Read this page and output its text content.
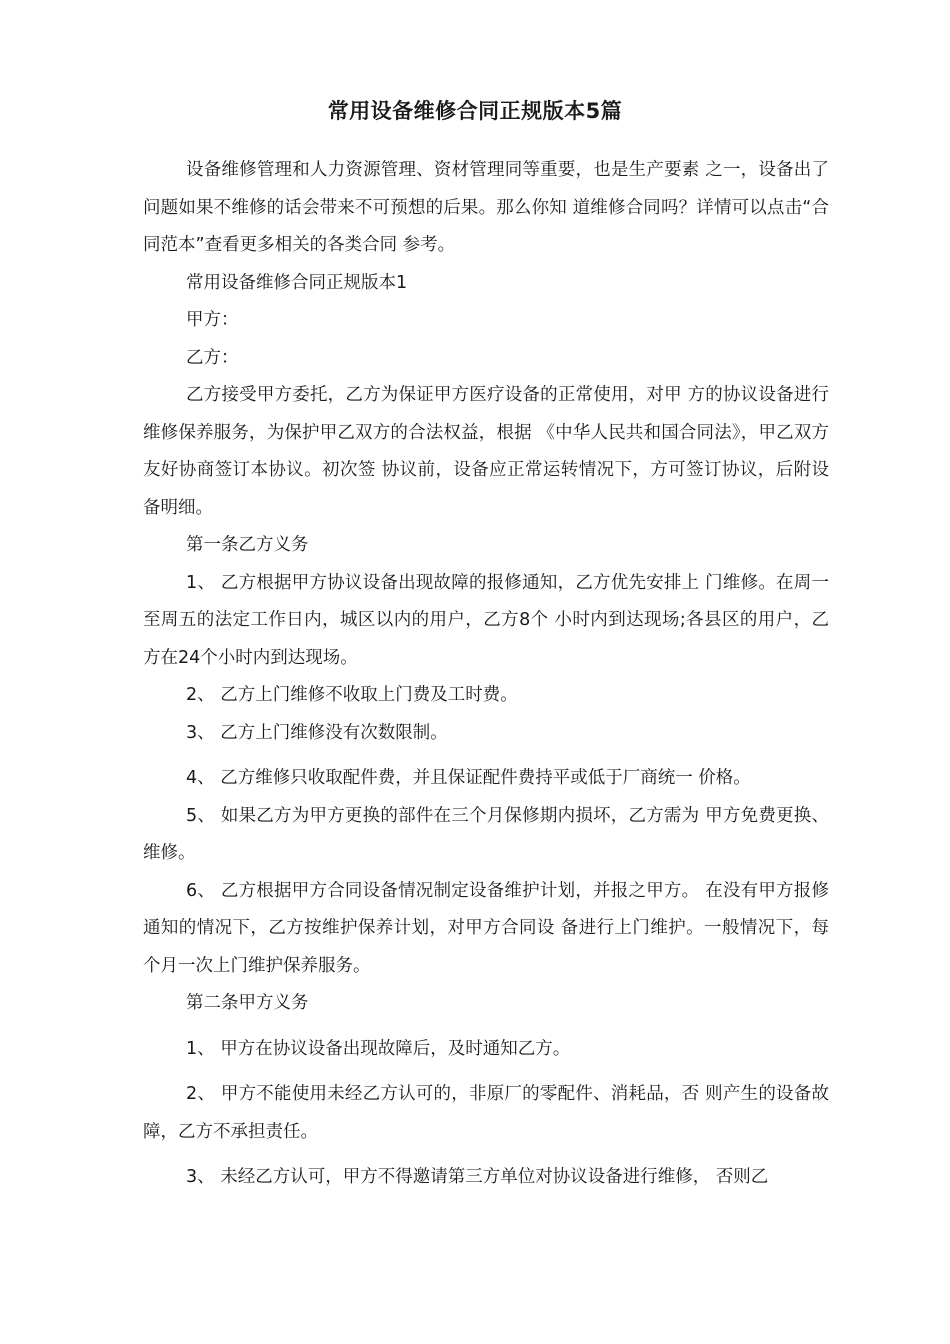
常用设备维修合同正规版本5篇

设备维修管理和人力资源管理、资材管理同等重要，也是生产要素 之一，设备出了问题如果不维修的话会带来不可预想的后果。那么你知 道维修合同吗？详情可以点击“合同范本”查看更多相关的各类合同 参考。

常用设备维修合同正规版本1

甲方：

乙方：

乙方接受甲方委托，乙方为保证甲方医疗设备的正常使用，对甲 方的协议设备进行维修保养服务，为保护甲乙双方的合法权益，根据 《中华人民共和国合同法》，甲乙双方友好协商签订本协议。初次签 协议前，设备应正常运转情况下，方可签订协议，后附设备明细。

第一条乙方义务

1、 乙方根据甲方协议设备出现故障的报修通知，乙方优先安排上 门维修。在周一至周五的法定工作日内，城区以内的用户，乙方8个 小时内到达现场;各县区的用户，乙方在24个小时内到达现场。

2、 乙方上门维修不收取上门费及工时费。

3、 乙方上门维修没有次数限制。

4、 乙方维修只收取配件费，并且保证配件费持平或低于厂商统一 价格。

5、 如果乙方为甲方更换的部件在三个月保修期内损坏，乙方需为 甲方免费更换、维修。

6、 乙方根据甲方合同设备情况制定设备维护计划，并报之甲方。 在没有甲方报修通知的情况下，乙方按维护保养计划，对甲方合同设 备进行上门维护。一般情况下，每个月一次上门维护保养服务。

第二条甲方义务

1、 甲方在协议设备出现故障后，及时通知乙方。

2、 甲方不能使用未经乙方认可的，非原厂的零配件、消耗品，否 则产生的设备故障，乙方不承担责任。

3、 未经乙方认可，甲方不得邀请第三方单位对协议设备进行维修， 否则乙
